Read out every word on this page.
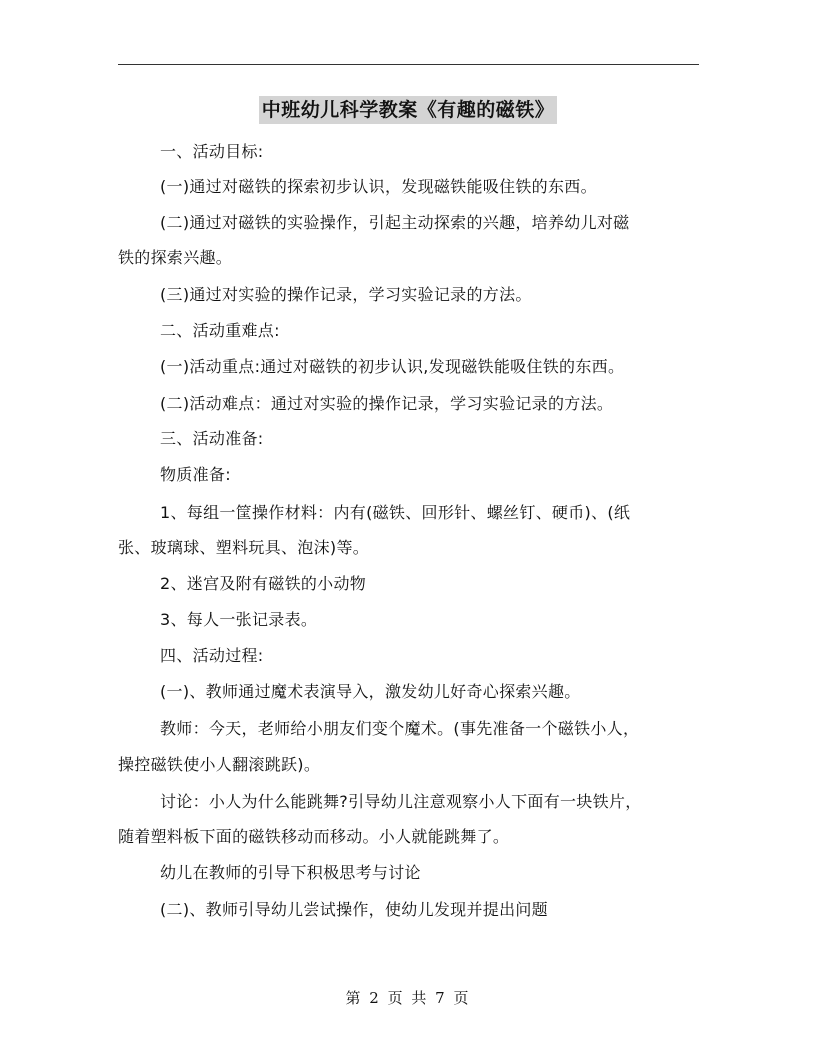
中班幼儿科学教案《有趣的磁铁》
一、活动目标:
(一)通过对磁铁的探索初步认识，发现磁铁能吸住铁的东西。
(二)通过对磁铁的实验操作，引起主动探索的兴趣，培养幼儿对磁
铁的探索兴趣。
(三)通过对实验的操作记录，学习实验记录的方法。
二、活动重难点:
(一)活动重点:通过对磁铁的初步认识,发现磁铁能吸住铁的东西。
(二)活动难点：通过对实验的操作记录，学习实验记录的方法。
三、活动准备:
物质准备:
1、每组一筐操作材料：内有(磁铁、回形针、螺丝钉、硬币)、(纸
张、玻璃球、塑料玩具、泡沫)等。
2、迷宫及附有磁铁的小动物
3、每人一张记录表。
四、活动过程:
(一)、教师通过魔术表演导入，激发幼儿好奇心探索兴趣。
教师：今天，老师给小朋友们变个魔术。(事先准备一个磁铁小人，
操控磁铁使小人翻滚跳跃)。
讨论：小人为什么能跳舞?引导幼儿注意观察小人下面有一块铁片，
随着塑料板下面的磁铁移动而移动。小人就能跳舞了。
幼儿在教师的引导下积极思考与讨论
(二)、教师引导幼儿尝试操作，使幼儿发现并提出问题
第 2 页 共 7 页
